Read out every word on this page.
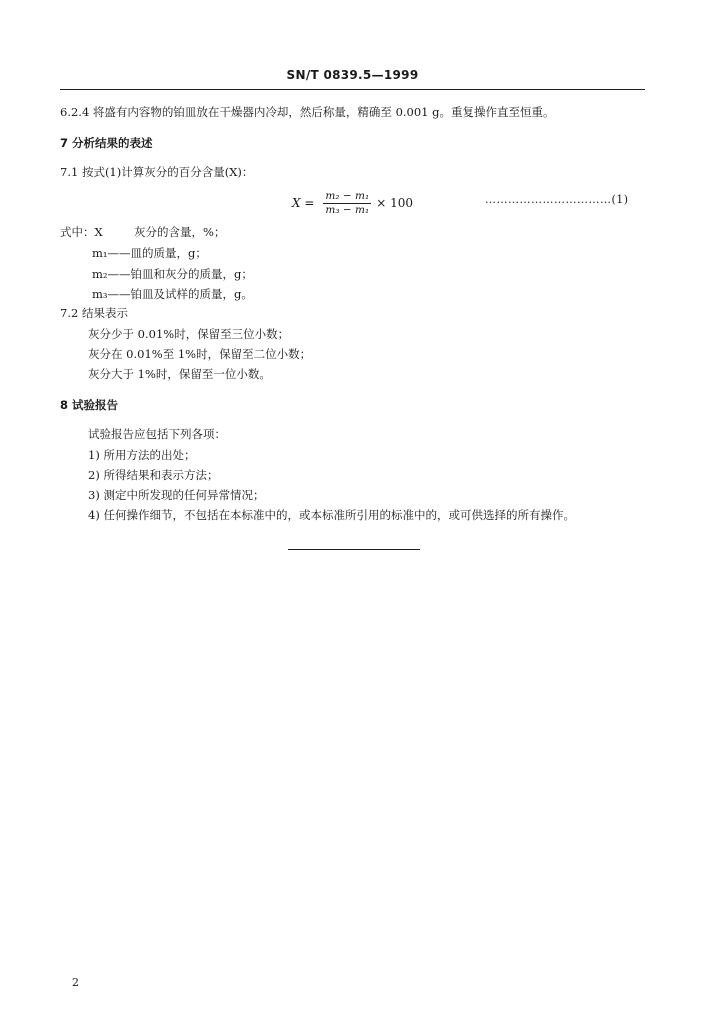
SN/T 0839.5—1999
6.2.4 将盛有内容物的铂皿放在干燥器内冷却，然后称量，精确至 0.001 g。重复操作直至恒重。
7 分析结果的表述
7.1 按式(1)计算灰分的百分含量(X)：
$X = \frac{\text{m₂ − m₁}}{\text{m₃ − m₁}} \times 100$	……………………………(1)
式中：X	灰分的含量，%；
m₁——皿的质量，g；
m₂——铂皿和灰分的质量，g；
m₃——铂皿及试样的质量，g。
7.2 结果表示
灰分少于 0.01%时，保留至三位小数；
灰分在 0.01%至 1%时，保留至二位小数；
灰分大于 1%时，保留至一位小数。
8 试验报告
试验报告应包括下列各项：
1) 所用方法的出处；
2) 所得结果和表示方法；
3) 测定中所发现的任何异常情况；
4) 任何操作细节，不包括在本标准中的，或本标准所引用的标准中的，或可供选择的所有操作。
2
